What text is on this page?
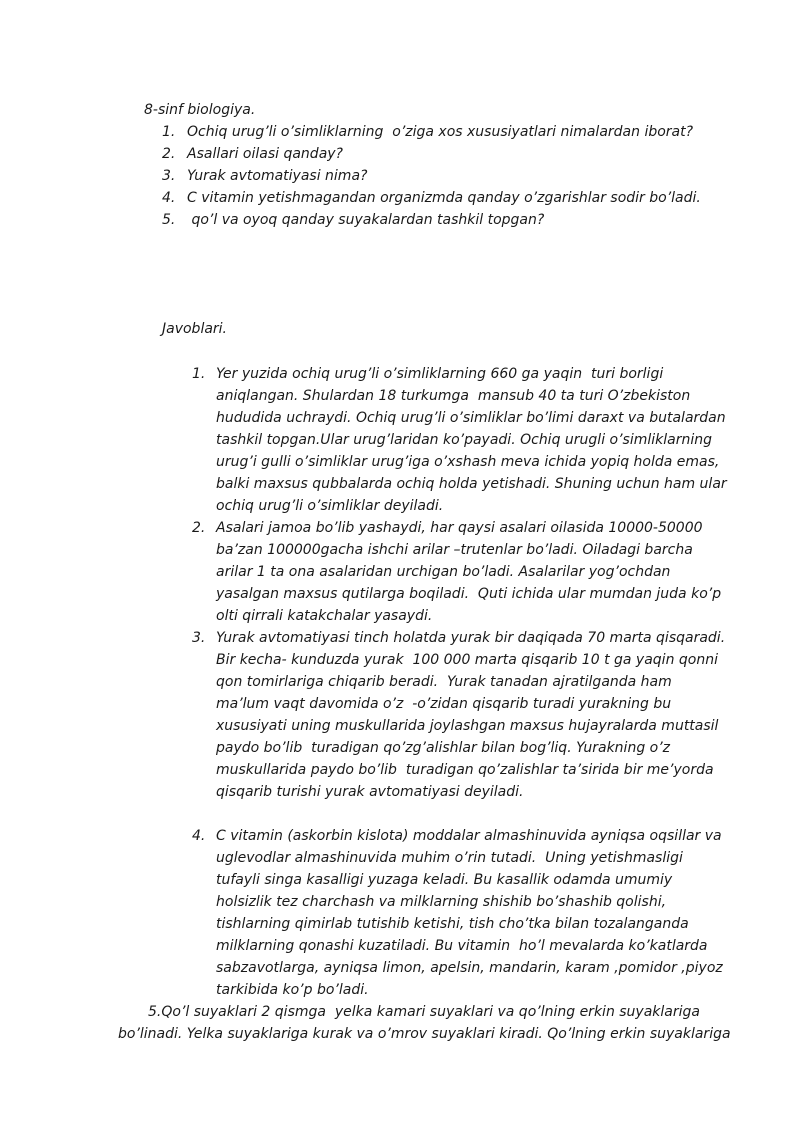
8-sinf biologiya.
1. Ochiq urug’li o’simliklarning  o’ziga xos xususiyatlari nimalardan iborat?
2. Asallari oilasi qanday?
3. Yurak avtomatiyasi nima?
4. C vitamin yetishmagandan organizmda qanday o’zgarishlar sodir bo’ladi.
5. qo’l va oyoq qanday suyakalardan tashkil topgan?
Javoblari.
1. Yer yuzida ochiq urug’li o’simliklarning 660 ga yaqin  turi borligi
aniqlangan. Shulardan 18 turkumga  mansub 40 ta turi O’zbekiston
hududida uchraydi. Ochiq urug’li o’simliklar bo’limi daraxt va butalardan
tashkil topgan.Ular urug’laridan ko’payadi. Ochiq urugli o’simliklarning
urug’i gulli o’simliklar urug’iga o’xshash meva ichida yopiq holda emas,
balki maxsus qubbalarda ochiq holda yetishadi. Shuning uchun ham ular
ochiq urug’li o’simliklar deyiladi.
2. Asalari jamoa bo’lib yashaydi, har qaysi asalari oilasida 10000-50000
ba’zan 100000gacha ishchi arilar –trutenlar bo’ladi. Oiladagi barcha
arilar 1 ta ona asalaridan urchigan bo’ladi. Asalarilar yog’ochdan
yasalgan maxsus qutilarga boqiladi.  Quti ichida ular mumdan juda ko’p
olti qirrali katakchalar yasaydi.
3. Yurak avtomatiyasi tinch holatda yurak bir daqiqada 70 marta qisqaradi.
Bir kecha- kunduzda yurak  100 000 marta qisqarib 10 t ga yaqin qonni
qon tomirlariga chiqarib beradi.  Yurak tanadan ajratilganda ham
ma’lum vaqt davomida o’z  -o’zidan qisqarib turadi yurakning bu
xususiyati uning muskullarida joylashgan maxsus hujayralarda muttasil
paydo bo’lib  turadigan qo’zg’alishlar bilan bog’liq. Yurakning o’z
muskullarida paydo bo’lib  turadigan qo’zalishlar ta’sirida bir me’yorda
qisqarib turishi yurak avtomatiyasi deyiladi.
4. C vitamin (askorbin kislota) moddalar almashinuvida ayniqsa oqsillar va
uglevodlar almashinuvida muhim o’rin tutadi.  Uning yetishmasligi
tufayli singa kasalligi yuzaga keladi. Bu kasallik odamda umumiy
holsizlik tez charchash va milklarning shishib bo’shashib qolishi,
tishlarning qimirlab tutishib ketishi, tish cho’tka bilan tozalanganda
milklarning qonashi kuzatiladi. Bu vitamin  ho’l mevalarda ko’katlarda
sabzavotlarga, ayniqsa limon, apelsin, mandarin, karam ,pomidor ,piyoz
tarkibida ko’p bo’ladi.
5.Qo’l suyaklari 2 qismga  yelka kamari suyaklari va qo’lning erkin suyaklariga
bo’linadi. Yelka suyaklariga kurak va o’mrov suyaklari kiradi. Qo’lning erkin suyaklariga
